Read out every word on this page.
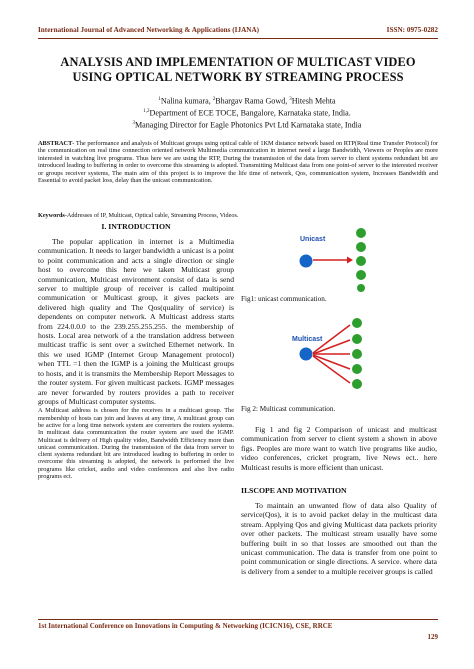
International Journal of Advanced Networking & Applications (IJANA)	ISSN: 0975-0282
ANALYSIS AND IMPLEMENTATION OF MULTICAST VIDEO
USING OPTICAL NETWORK BY STREAMING PROCESS
$^1$Nalina kumara, $^2$Bhargav Rama Gowd, $^3$Hitesh Mehta
$^{1,2}$Department of ECE TOCE, Bangalore, Karnataka state, India.
$^3$Managing Director for Eagle Photonics Pvt Ltd Karnataka state, India
ABSTRACT- The performance and analysis of Multicast groups using optical cable of 1KM distance network based on RTP(Real time Transfer Protocol) for the communication on real time connection oriented network Multimedia communication in internet need a large Bandwidth, Viewers or Peoples are more interested in watching live programs. Thus here we are using the RTP, During the transmission of the data from server to client systems redundant bit are introduced leading to buffering in order to overcome this streaming is adopted. Transmitting Multicast data from one point-of server to the interested receiver or groups receiver systems, The main aim of this project is to improve the life time of network, Qos, communication system, Increases Bandwidth and Essential to avoid packet loss, delay than the unicast communication.
Keywords-Addresses of IP, Multicast, Optical cable, Streaming Process, Videos.
I. INTRODUCTION

The popular application in internet is a Multimedia communication. It needs to larger bandwidth a unicast is a point to point communication and acts a single direction or single host to overcome this here we taken Multicast group communication, Multicast environment consist of data is send server to multiple group of receiver is called multipoint communication or Multicast group, it gives packets are delivered high quality and The Qos(quality of service) is dependents on computer network. A Multicast address starts from 224.0.0.0 to the 239.255.255.255. the membership of hosts. Local area network of a the translation address between multicast traffic is sent over a switched Ethernet network. In this we used IGMP (Internet Group Management protocol) when TTL =1 then the IGMP is a joining the Multicast groups to hosts, and it is transmits the Membership Report Messages to the router system. For given multicast packets. IGMP messages are never forwarded by routers provides a path to receiver groups of Multicast computer systems.

A Multicast address is chosen for the receives in a multicast group. The membership of hosts can join and leaves at any time, A multicast group can be active for a long time network system are converters the routers systems. In multicast data communication the router system are used the IGMP. Multicast is delivery of High quality video, Bandwidth Efficiency more than unicast communication. During the transmission of the data from server to client systems redundant bit are introduced leading to buffering in order to overcome this streaming is adopted, the network is performed the live programs like cricket, audio and video conferences and also live radio programs ect.

Unicast
Fig1: unicast communication.
Multicast
Fig 2: Multicast communication.

Fig 1 and fig 2 Comparison of unicast and multicast communication from server to client system a shown in above figs. Peoples are more want to watch live programs like audio, video conferences, cricket program, live News ect.. here Multicast results is more efficient than unicast.

II.SCOPE AND MOTIVATION

To maintain an unwanted flow of data also Quality of service(Qos), it is to avoid packet delay in the multicast data stream. Applying Qos and giving Multicast data packets priority over other packets. The multicast stream usually have some buffering built in so that losses are smoothed out than the unicast communication. The data is transfer from one point to point communication or single directions. A service. where data is delivery from a sender to a multiple receiver groups is called

1st International Conference on Innovations in Computing & Networking (ICICN16), CSE, RRCE
129
